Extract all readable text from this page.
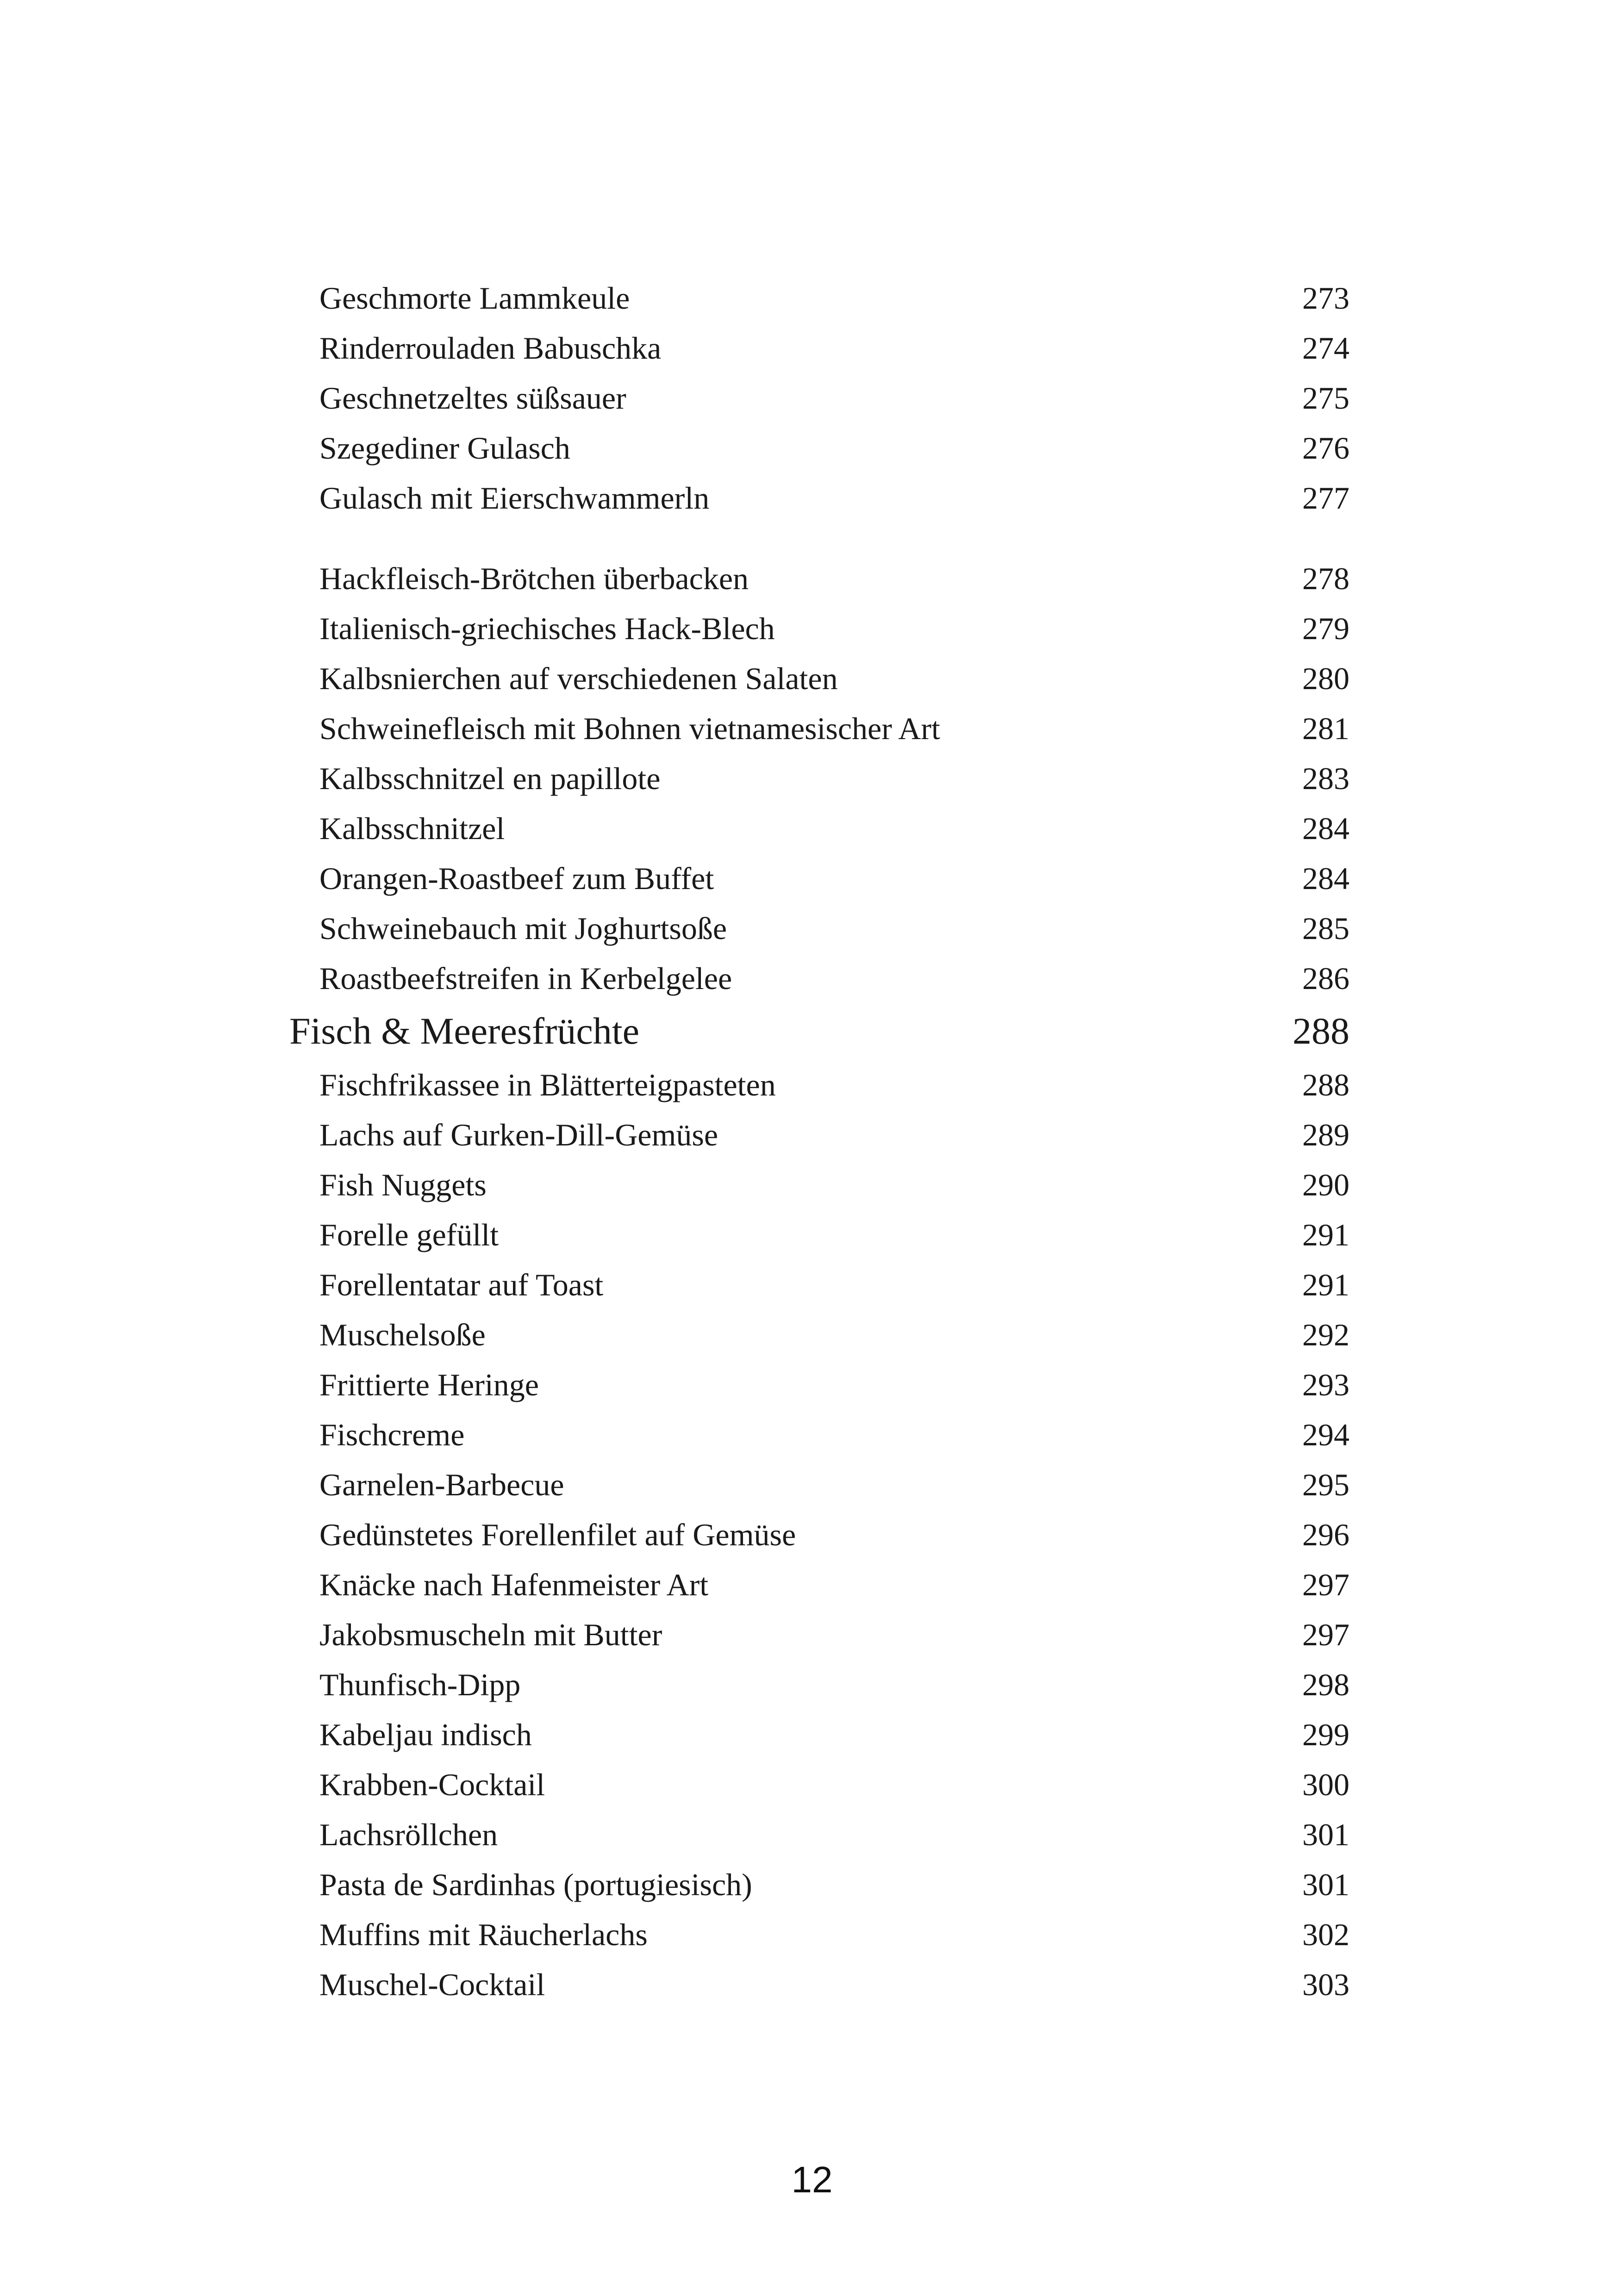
Geschmorte Lammkeule	273
Rinderrouladen Babuschka	274
Geschnetzeltes süßsauer	275
Szegediner Gulasch	276
Gulasch mit Eierschwammerln	277
Hackfleisch-Brötchen überbacken	278
Italienisch-griechisches Hack-Blech	279
Kalbsnierchen auf verschiedenen Salaten	280
Schweinefleisch mit Bohnen vietnamesischer Art	281
Kalbsschnitzel en papillote	283
Kalbsschnitzel	284
Orangen-Roastbeef zum Buffet	284
Schweinebauch mit Joghurtsoße	285
Roastbeefstreifen in Kerbelgelee	286
Fisch & Meeresfrüchte	288
Fischfrikassee in Blätterteigpasteten	288
Lachs auf Gurken-Dill-Gemüse	289
Fish Nuggets	290
Forelle gefüllt	291
Forellentatar auf Toast	291
Muschelsoße	292
Frittierte Heringe	293
Fischcreme	294
Garnelen-Barbecue	295
Gedünstetes Forellenfilet auf Gemüse	296
Knäcke nach Hafenmeister Art	297
Jakobsmuscheln mit Butter	297
Thunfisch-Dipp	298
Kabeljau indisch	299
Krabben-Cocktail	300
Lachsröllchen	301
Pasta de Sardinhas (portugiesisch)	301
Muffins mit Räucherlachs	302
Muschel-Cocktail	303
12
